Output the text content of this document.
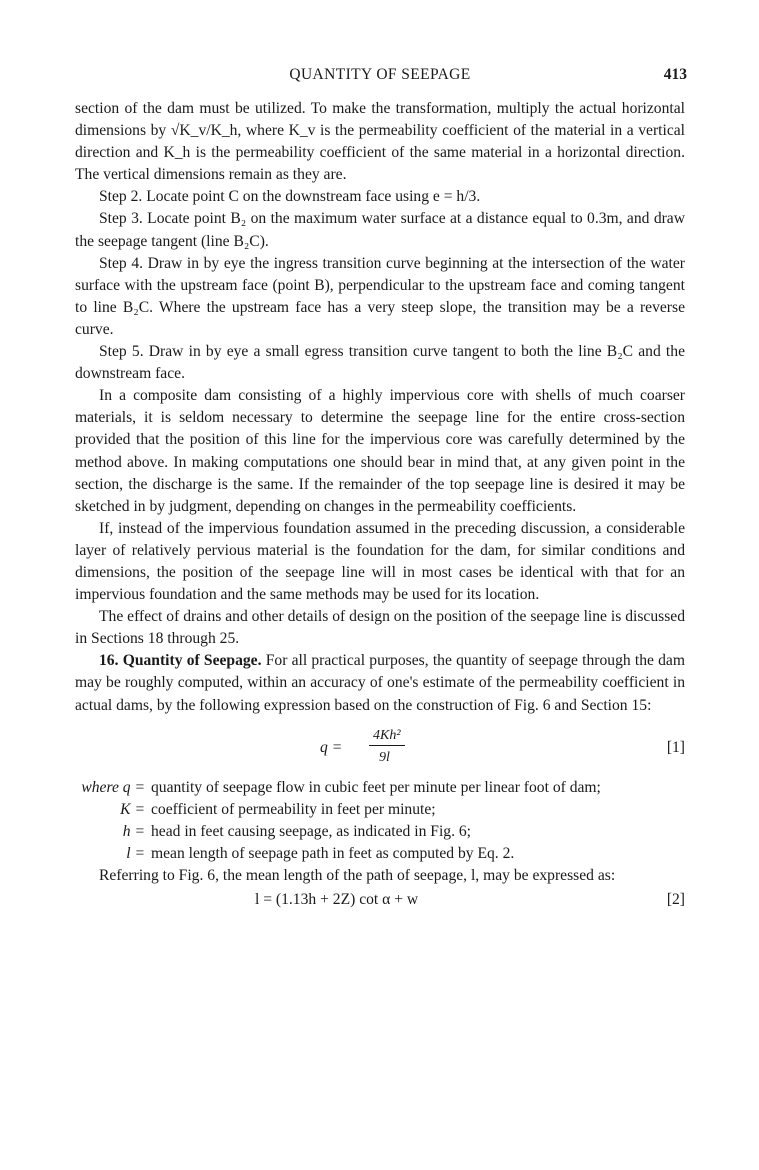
QUANTITY OF SEEPAGE	413

section of the dam must be utilized. To make the transformation, multiply the actual horizontal dimensions by √K_v/K_h, where K_v is the permeability coefficient of the material in a vertical direction and K_h is the permeability coefficient of the same material in a horizontal direction. The vertical dimensions remain as they are.

Step 2. Locate point C on the downstream face using e = h/3.

Step 3. Locate point B₂ on the maximum water surface at a distance equal to 0.3m, and draw the seepage tangent (line B₂C).

Step 4. Draw in by eye the ingress transition curve beginning at the intersection of the water surface with the upstream face (point B), perpendicular to the upstream face and coming tangent to line B₂C. Where the upstream face has a very steep slope, the transition may be a reverse curve.

Step 5. Draw in by eye a small egress transition curve tangent to both the line B₂C and the downstream face.

In a composite dam consisting of a highly impervious core with shells of much coarser materials, it is seldom necessary to determine the seepage line for the entire cross-section provided that the position of this line for the impervious core was carefully determined by the method above. In making computations one should bear in mind that, at any given point in the section, the discharge is the same. If the remainder of the top seepage line is desired it may be sketched in by judgment, depending on changes in the permeability coefficients.

If, instead of the impervious foundation assumed in the preceding discussion, a considerable layer of relatively pervious material is the foundation for the dam, for similar conditions and dimensions, the position of the seepage line will in most cases be identical with that for an impervious foundation and the same methods may be used for its location.

The effect of drains and other details of design on the position of the seepage line is discussed in Sections 18 through 25.

16. Quantity of Seepage. For all practical purposes, the quantity of seepage through the dam may be roughly computed, within an accuracy of one's estimate of the permeability coefficient in actual dams, by the following expression based on the construction of Fig. 6 and Section 15:

q =
4Kh²
9l
[1]
where q = quantity of seepage flow in cubic feet per minute per linear foot of dam;
K = coefficient of permeability in feet per minute;
h = head in feet causing seepage, as indicated in Fig. 6;
l = mean length of seepage path in feet as computed by Eq. 2.

Referring to Fig. 6, the mean length of the path of seepage, l, may be expressed as:

l = (1.13h + 2Z) cot α + w	[2]
